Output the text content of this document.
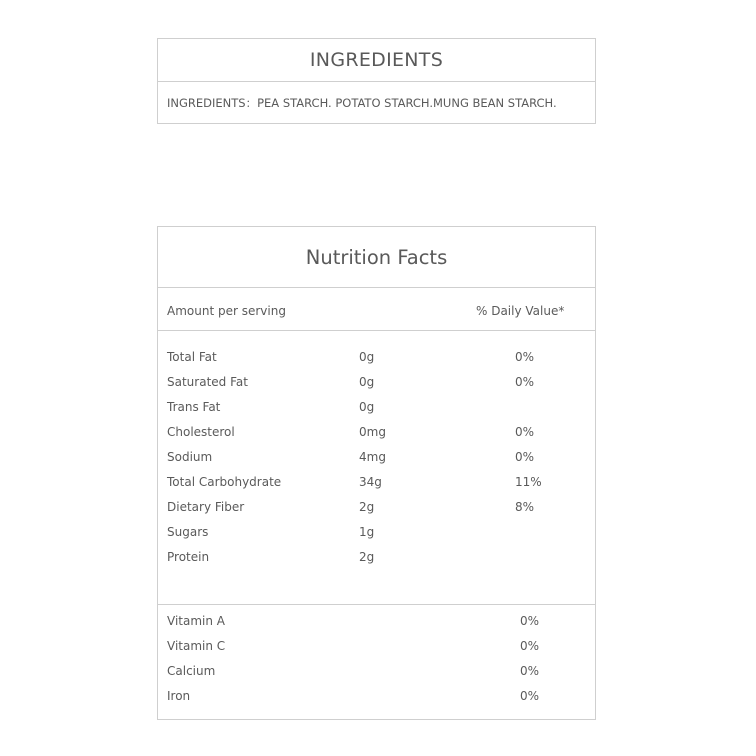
INGREDIENTS
INGREDIENTS：PEA STARCH. POTATO STARCH.MUNG BEAN STARCH.
Nutrition Facts
Amount per serving	% Daily Value*
Total Fat	0g	0%
Saturated Fat	0g	0%
Trans Fat	0g
Cholesterol	0mg	0%
Sodium	4mg	0%
Total Carbohydrate	34g	11%
Dietary Fiber	2g	8%
Sugars	1g
Protein	2g
Vitamin A	0%
Vitamin C	0%
Calcium	0%
Iron	0%
